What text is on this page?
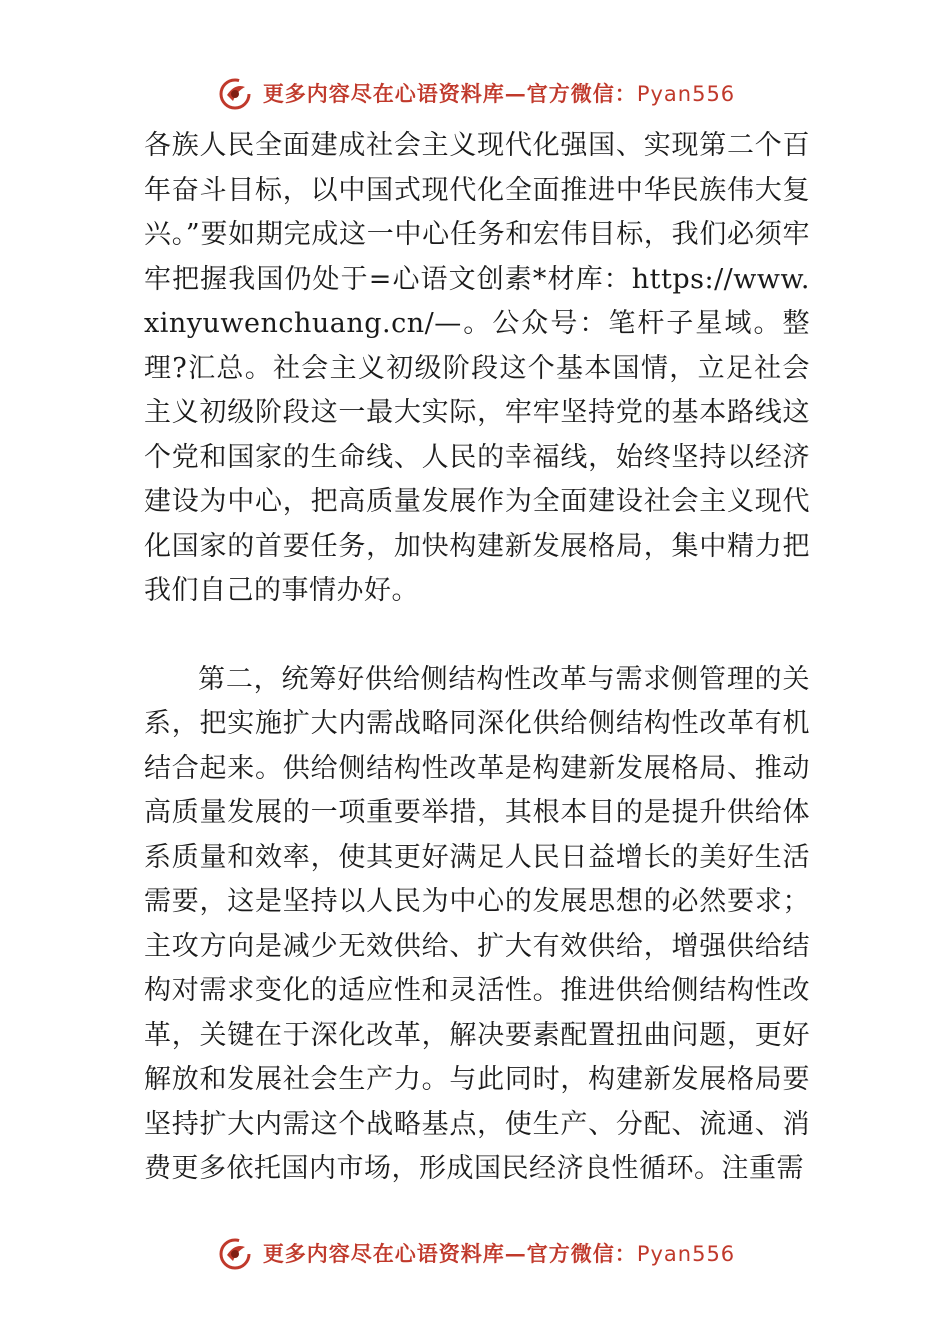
更多内容尽在心语资料库—官方微信：Pyan556

各族人民全面建成社会主义现代化强国、实现第二个百年奋斗目标，以中国式现代化全面推进中华民族伟大复兴。”要如期完成这一中心任务和宏伟目标，我们必须牢牢把握我国仍处于=心语文创素*材库：https://www.xinyuwenchuang.cn/—。公众号：笔杆子星域。整理?汇总。社会主义初级阶段这个基本国情，立足社会主义初级阶段这一最大实际，牢牢坚持党的基本路线这个党和国家的生命线、人民的幸福线，始终坚持以经济建设为中心，把高质量发展作为全面建设社会主义现代化国家的首要任务，加快构建新发展格局，集中精力把我们自己的事情办好。

第二，统筹好供给侧结构性改革与需求侧管理的关系，把实施扩大内需战略同深化供给侧结构性改革有机结合起来。供给侧结构性改革是构建新发展格局、推动高质量发展的一项重要举措，其根本目的是提升供给体系质量和效率，使其更好满足人民日益增长的美好生活需要，这是坚持以人民为中心的发展思想的必然要求；主攻方向是减少无效供给、扩大有效供给，增强供给结构对需求变化的适应性和灵活性。推进供给侧结构性改革，关键在于深化改革，解决要素配置扭曲问题，更好解放和发展社会生产力。与此同时，构建新发展格局要坚持扩大内需这个战略基点，使生产、分配、流通、消费更多依托国内市场，形成国民经济良性循环。注重需

更多内容尽在心语资料库—官方微信：Pyan556
